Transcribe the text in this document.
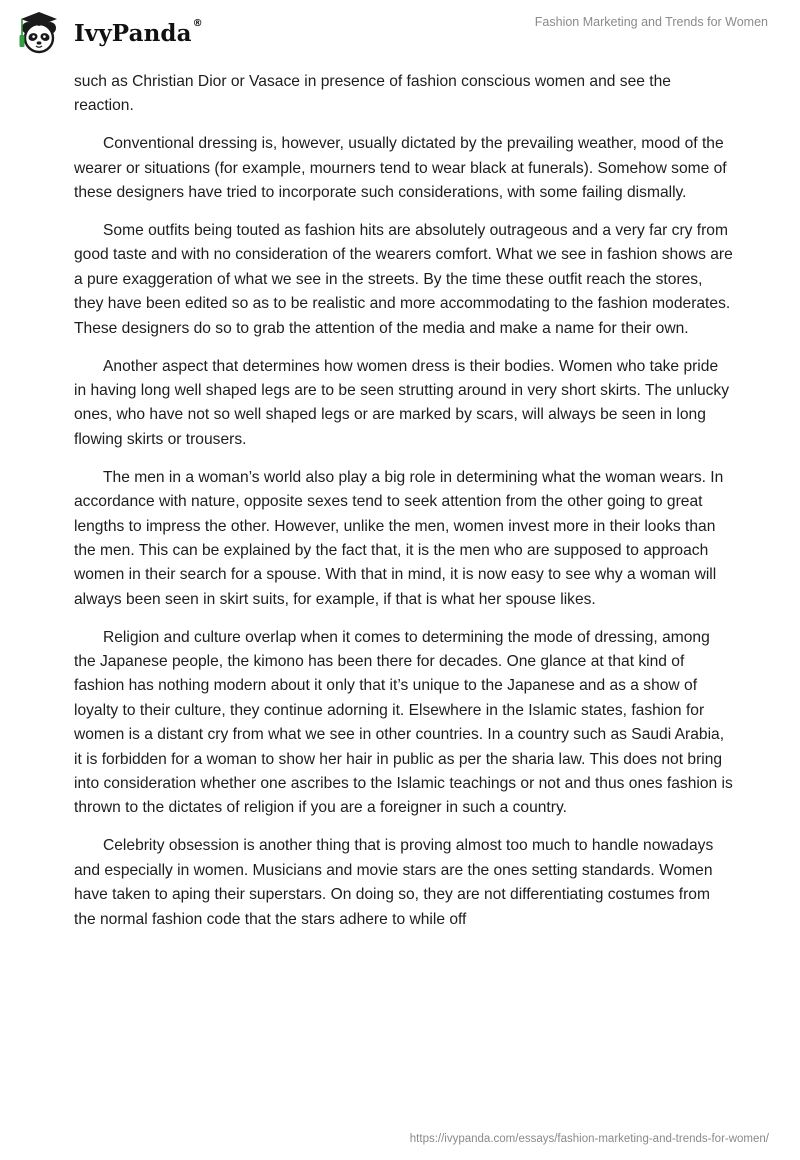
IvyPanda®	Fashion Marketing and Trends for Women

such as Christian Dior or Vasace in presence of fashion conscious women and see the reaction.

Conventional dressing is, however, usually dictated by the prevailing weather, mood of the wearer or situations (for example, mourners tend to wear black at funerals). Somehow some of these designers have tried to incorporate such considerations, with some failing dismally.

Some outfits being touted as fashion hits are absolutely outrageous and a very far cry from good taste and with no consideration of the wearers comfort. What we see in fashion shows are a pure exaggeration of what we see in the streets. By the time these outfit reach the stores, they have been edited so as to be realistic and more accommodating to the fashion moderates. These designers do so to grab the attention of the media and make a name for their own.

Another aspect that determines how women dress is their bodies. Women who take pride in having long well shaped legs are to be seen strutting around in very short skirts. The unlucky ones, who have not so well shaped legs or are marked by scars, will always be seen in long flowing skirts or trousers.

The men in a woman’s world also play a big role in determining what the woman wears. In accordance with nature, opposite sexes tend to seek attention from the other going to great lengths to impress the other. However, unlike the men, women invest more in their looks than the men. This can be explained by the fact that, it is the men who are supposed to approach women in their search for a spouse. With that in mind, it is now easy to see why a woman will always been seen in skirt suits, for example, if that is what her spouse likes.

Religion and culture overlap when it comes to determining the mode of dressing, among the Japanese people, the kimono has been there for decades. One glance at that kind of fashion has nothing modern about it only that it’s unique to the Japanese and as a show of loyalty to their culture, they continue adorning it. Elsewhere in the Islamic states, fashion for women is a distant cry from what we see in other countries. In a country such as Saudi Arabia, it is forbidden for a woman to show her hair in public as per the sharia law. This does not bring into consideration whether one ascribes to the Islamic teachings or not and thus ones fashion is thrown to the dictates of religion if you are a foreigner in such a country.

Celebrity obsession is another thing that is proving almost too much to handle nowadays and especially in women. Musicians and movie stars are the ones setting standards. Women have taken to aping their superstars. On doing so, they are not differentiating costumes from the normal fashion code that the stars adhere to while off

https://ivypanda.com/essays/fashion-marketing-and-trends-for-women/
